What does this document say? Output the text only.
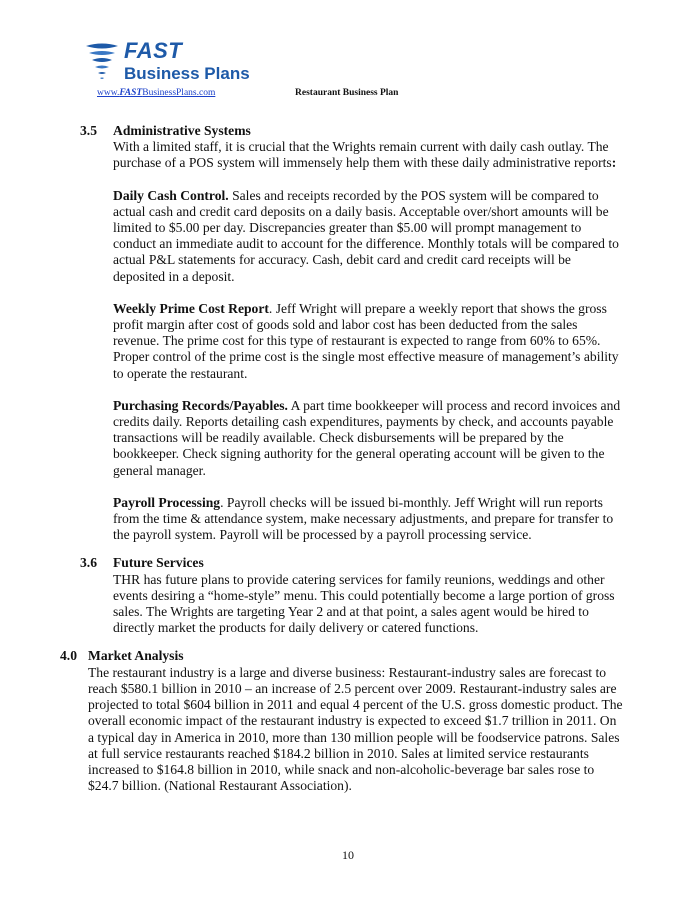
FAST
Business Plans
www.FASTBusinessPlans.com	Restaurant Business Plan
3.5	Administrative Systems
With a limited staff, it is crucial that the Wrights remain current with daily cash outlay. The purchase of a POS system will immensely help them with these daily administrative reports:
Daily Cash Control. Sales and receipts recorded by the POS system will be compared to actual cash and credit card deposits on a daily basis. Acceptable over/short amounts will be limited to $5.00 per day. Discrepancies greater than $5.00 will prompt management to conduct an immediate audit to account for the difference. Monthly totals will be compared to actual P&L statements for accuracy. Cash, debit card and credit card receipts will be deposited in a deposit.
Weekly Prime Cost Report. Jeff Wright will prepare a weekly report that shows the gross profit margin after cost of goods sold and labor cost has been deducted from the sales revenue. The prime cost for this type of restaurant is expected to range from 60% to 65%. Proper control of the prime cost is the single most effective measure of management’s ability to operate the restaurant.
Purchasing Records/Payables. A part time bookkeeper will process and record invoices and credits daily. Reports detailing cash expenditures, payments by check, and accounts payable transactions will be readily available. Check disbursements will be prepared by the bookkeeper. Check signing authority for the general operating account will be given to the general manager.
Payroll Processing. Payroll checks will be issued bi-monthly. Jeff Wright will run reports from the time & attendance system, make necessary adjustments, and prepare for transfer to the payroll system. Payroll will be processed by a payroll processing service.
3.6	Future Services
THR has future plans to provide catering services for family reunions, weddings and other events desiring a “home-style” menu. This could potentially become a large portion of gross sales. The Wrights are targeting Year 2 and at that point, a sales agent would be hired to directly market the products for daily delivery or catered functions.
4.0 Market Analysis
The restaurant industry is a large and diverse business: Restaurant-industry sales are forecast to reach $580.1 billion in 2010 – an increase of 2.5 percent over 2009. Restaurant-industry sales are projected to total $604 billion in 2011 and equal 4 percent of the U.S. gross domestic product. The overall economic impact of the restaurant industry is expected to exceed $1.7 trillion in 2011. On a typical day in America in 2010, more than 130 million people will be foodservice patrons. Sales at full service restaurants reached $184.2 billion in 2010. Sales at limited service restaurants increased to $164.8 billion in 2010, while snack and non-alcoholic-beverage bar sales rose to $24.7 billion. (National Restaurant Association).
10
